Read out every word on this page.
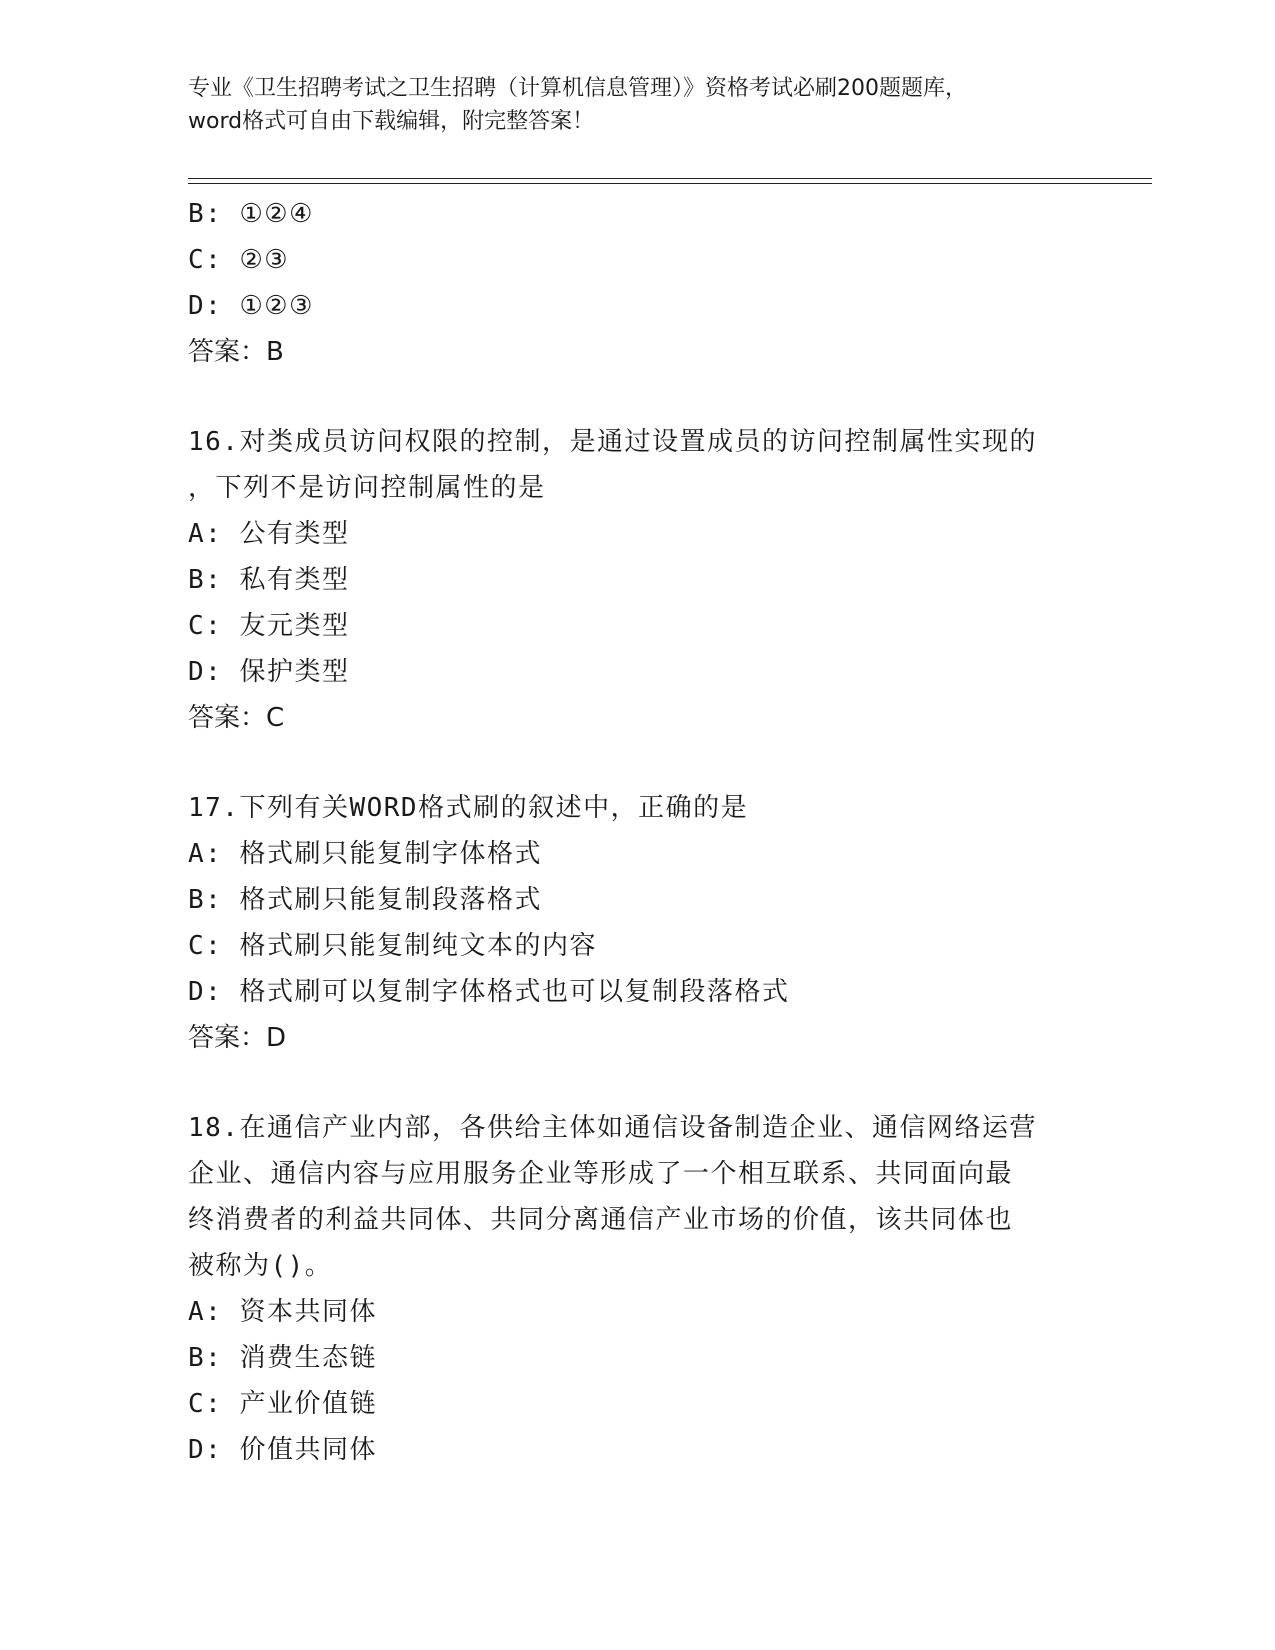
专业《卫生招聘考试之卫生招聘（计算机信息管理）》资格考试必刷200题题库，
word格式可自由下载编辑，附完整答案！
B: ①②④
C: ②③
D: ①②③
答案：B
16.对类成员访问权限的控制，是通过设置成员的访问控制属性实现的
，下列不是访问控制属性的是
A: 公有类型
B: 私有类型
C: 友元类型
D: 保护类型
答案：C
17.下列有关WORD格式刷的叙述中，正确的是
A: 格式刷只能复制字体格式
B: 格式刷只能复制段落格式
C: 格式刷只能复制纯文本的内容
D: 格式刷可以复制字体格式也可以复制段落格式
答案：D
18.在通信产业内部，各供给主体如通信设备制造企业、通信网络运营
企业、通信内容与应用服务企业等形成了一个相互联系、共同面向最
终消费者的利益共同体、共同分离通信产业市场的价值，该共同体也
被称为()。
A: 资本共同体
B: 消费生态链
C: 产业价值链
D: 价值共同体
